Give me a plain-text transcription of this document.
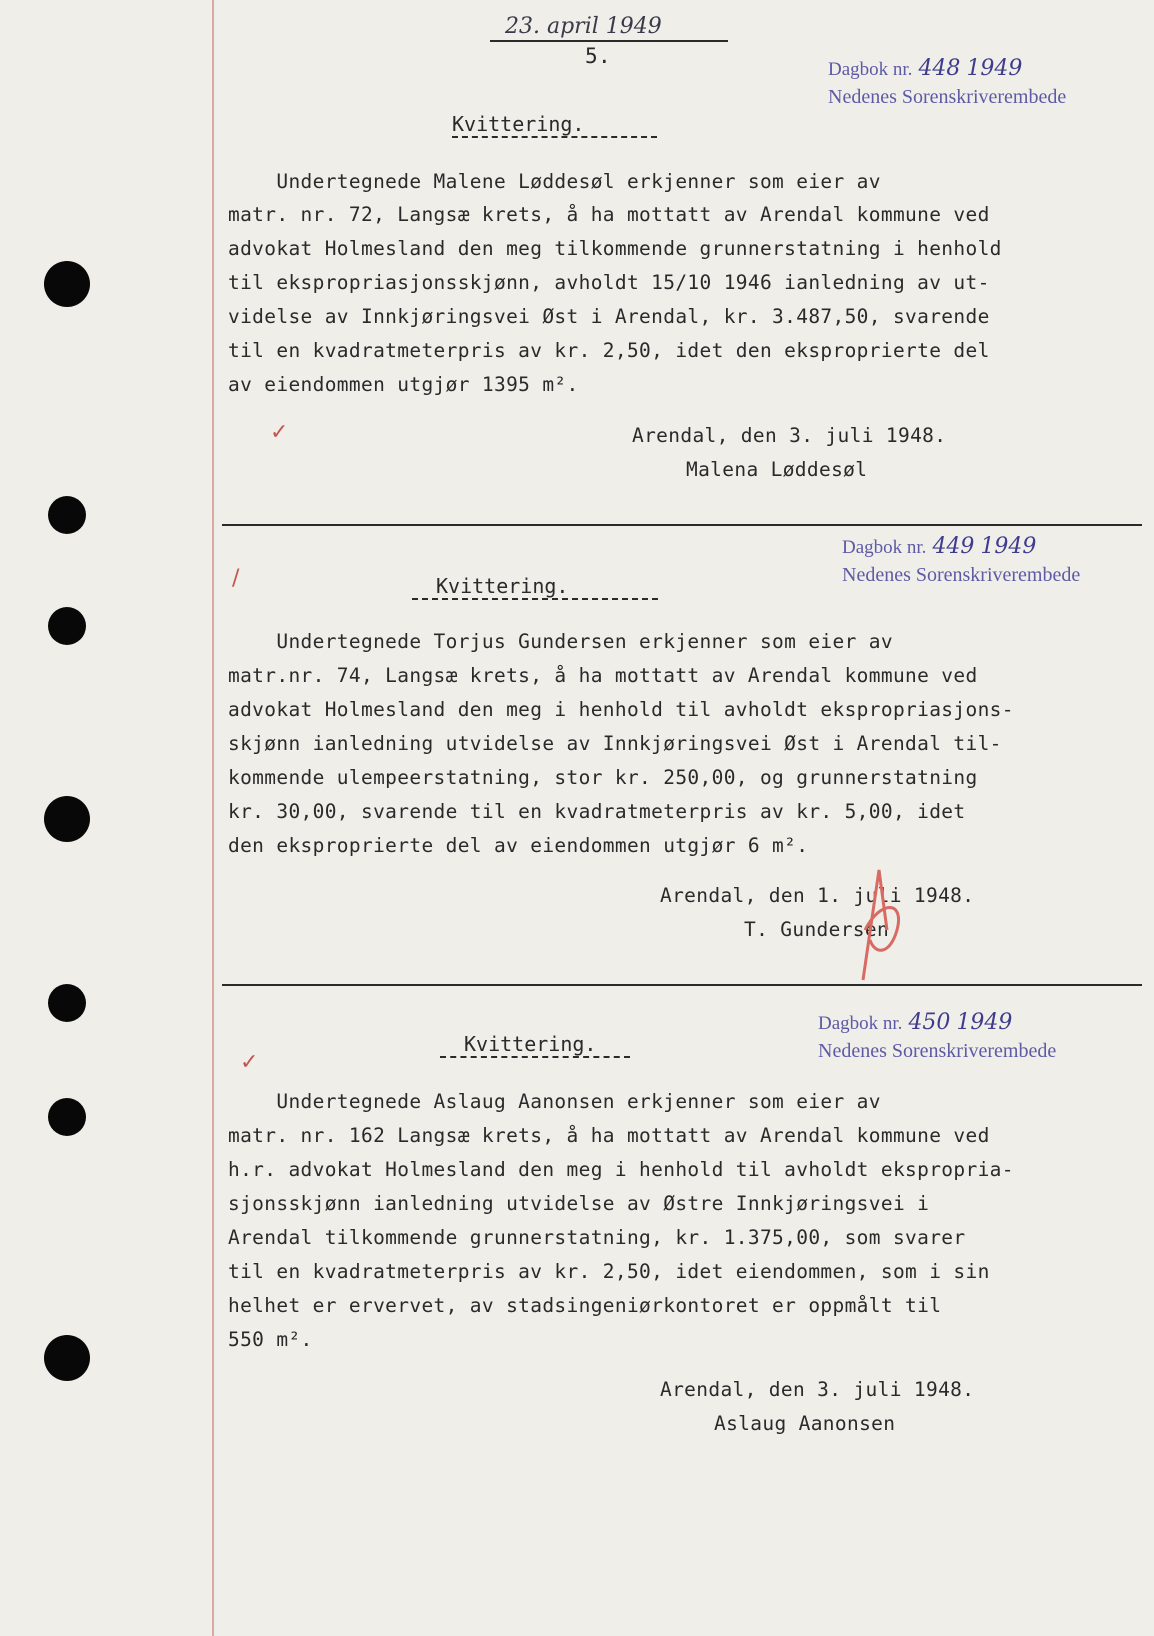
23. april 1949
5.
Dagbok nr. 448 1949
Nedenes Sorenskriverembede
Kvittering.
Undertegnede Malene Løddesøl erkjenner som eier av
matr. nr. 72, Langsæ krets, å ha mottatt av Arendal kommune ved
advokat Holmesland den meg tilkommende grunnerstatning i henhold
til ekspropriasjonsskjønn, avholdt 15/10 1946 ianledning av ut-
videlse av Innkjøringsvei Øst i Arendal, kr. 3.487,50, svarende
til en kvadratmeterpris av kr. 2,50, idet den eksproprierte del
av eiendommen utgjør 1395 m².
✓	Arendal, den 3. juli 1948.
Malena Løddesøl
Dagbok nr. 449 1949
Nedenes Sorenskriverembede
/	Kvittering.
Undertegnede Torjus Gundersen erkjenner som eier av
matr.nr. 74, Langsæ krets, å ha mottatt av Arendal kommune ved
advokat Holmesland den meg i henhold til avholdt ekspropriasjons-
skjønn ianledning utvidelse av Innkjøringsvei Øst i Arendal til-
kommende ulempeerstatning, stor kr. 250,00, og grunnerstatning
kr. 30,00, svarende til en kvadratmeterpris av kr. 5,00, idet
den eksproprierte del av eiendommen utgjør 6 m².
Arendal, den 1. juli 1948.
T. Gundersen
Dagbok nr. 450 1949
Nedenes Sorenskriverembede
✓
Kvittering.
Undertegnede Aslaug Aanonsen erkjenner som eier av
matr. nr. 162 Langsæ krets, å ha mottatt av Arendal kommune ved
h.r. advokat Holmesland den meg i henhold til avholdt ekspropria-
sjonsskjønn ianledning utvidelse av Østre Innkjøringsvei i
Arendal tilkommende grunnerstatning, kr. 1.375,00, som svarer
til en kvadratmeterpris av kr. 2,50, idet eiendommen, som i sin
helhet er ervervet, av stadsingeniørkontoret er oppmålt til
550 m².
Arendal, den 3. juli 1948.
Aslaug Aanonsen
